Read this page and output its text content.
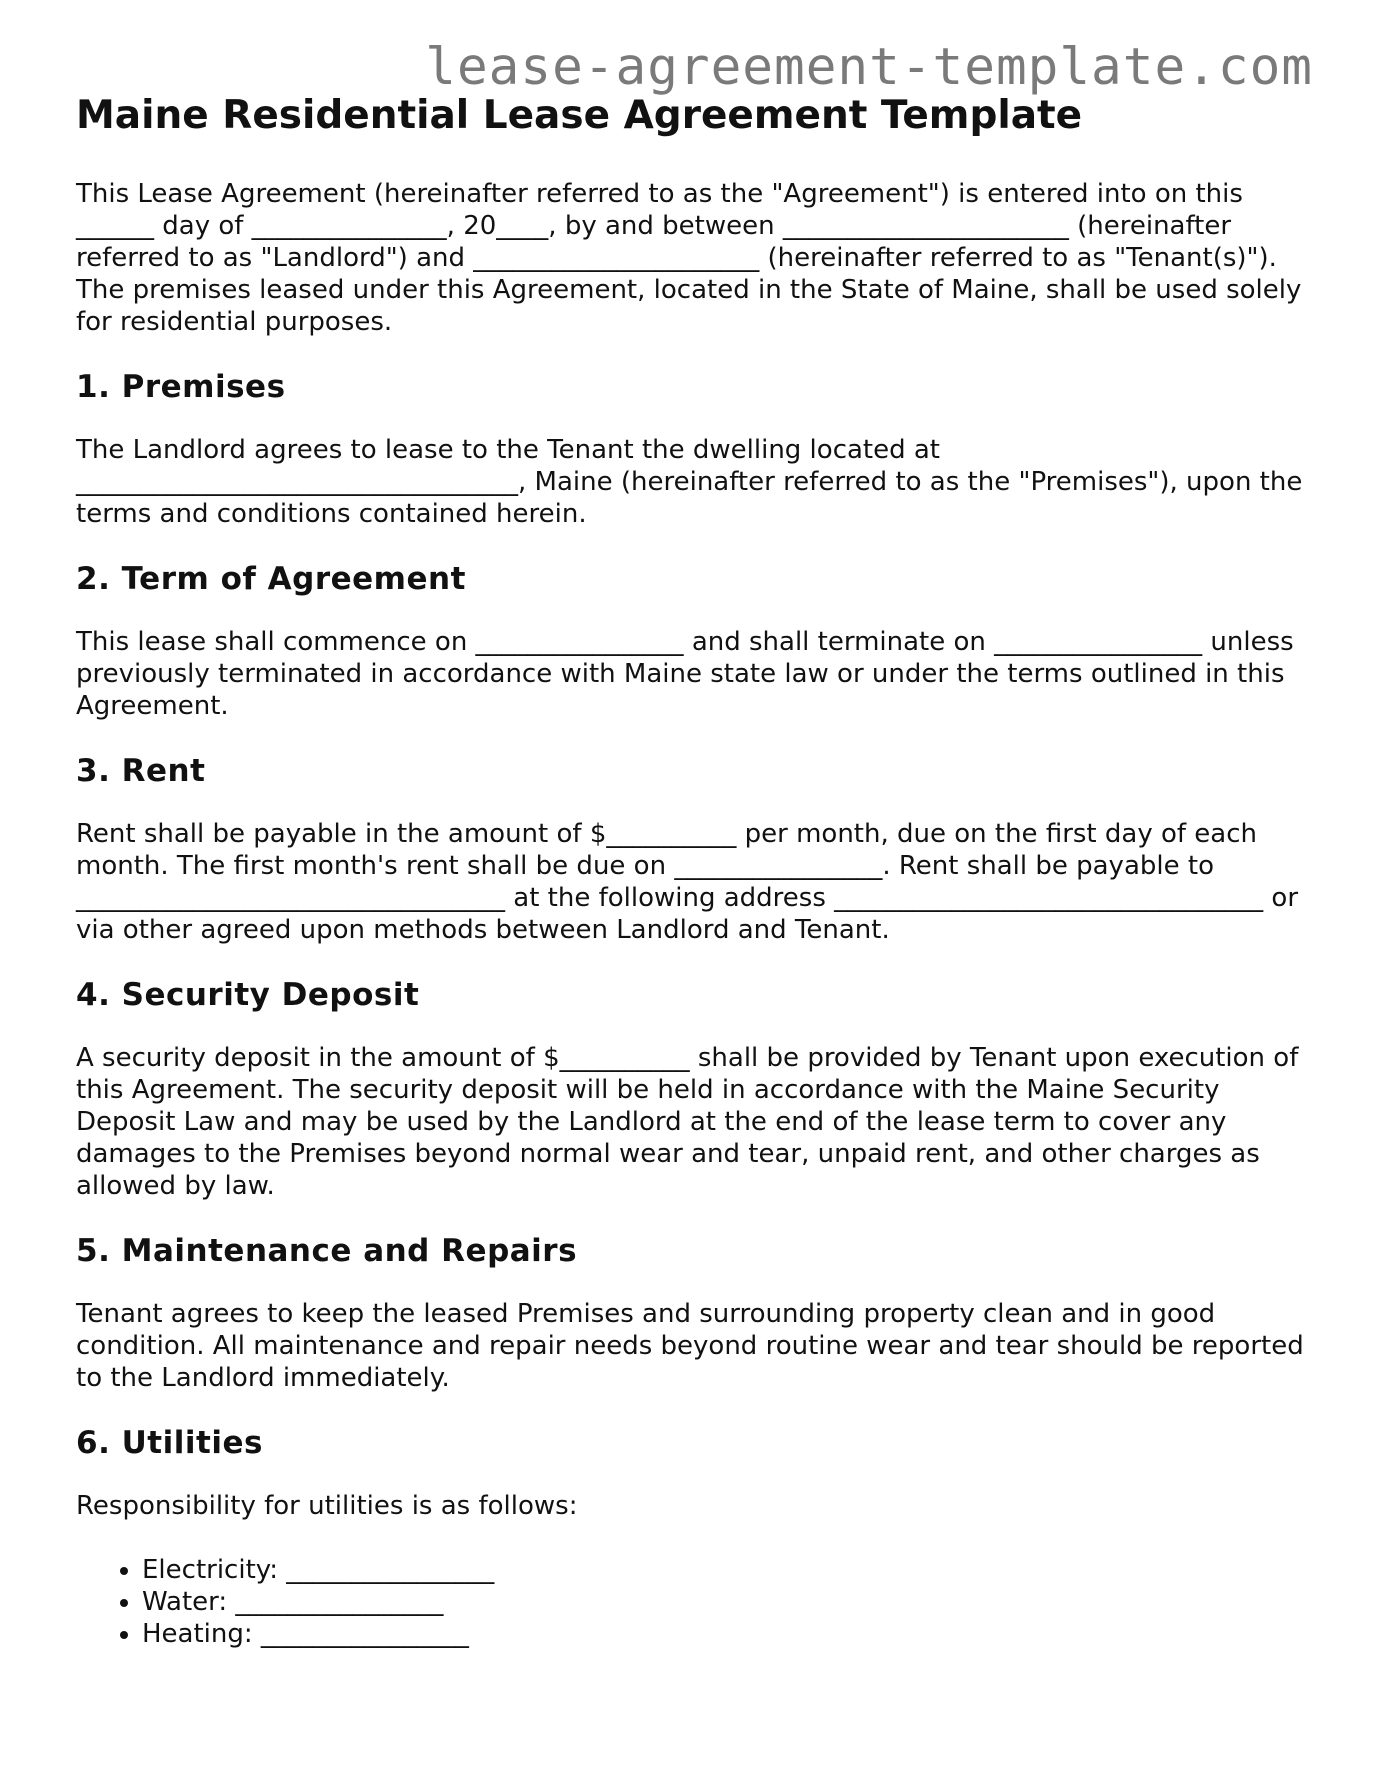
lease-agreement-template.com
Maine Residential Lease Agreement Template

This Lease Agreement (hereinafter referred to as the "Agreement") is entered into on this ______ day of _______________, 20____, by and between ______________________ (hereinafter referred to as "Landlord") and ______________________ (hereinafter referred to as "Tenant(s)"). The premises leased under this Agreement, located in the State of Maine, shall be used solely for residential purposes.

1. Premises

The Landlord agrees to lease to the Tenant the dwelling located at __________________________________, Maine (hereinafter referred to as the "Premises"), upon the terms and conditions contained herein.

2. Term of Agreement

This lease shall commence on ________________ and shall terminate on ________________ unless previously terminated in accordance with Maine state law or under the terms outlined in this Agreement.

3. Rent

Rent shall be payable in the amount of $__________ per month, due on the first day of each month. The first month's rent shall be due on ________________. Rent shall be payable to _________________________________ at the following address _________________________________ or via other agreed upon methods between Landlord and Tenant.

4. Security Deposit

A security deposit in the amount of $__________ shall be provided by Tenant upon execution of this Agreement. The security deposit will be held in accordance with the Maine Security Deposit Law and may be used by the Landlord at the end of the lease term to cover any damages to the Premises beyond normal wear and tear, unpaid rent, and other charges as allowed by law.

5. Maintenance and Repairs

Tenant agrees to keep the leased Premises and surrounding property clean and in good condition. All maintenance and repair needs beyond routine wear and tear should be reported to the Landlord immediately.

6. Utilities

Responsibility for utilities is as follows:

• Electricity: ________________
• Water: ________________
• Heating: ________________
